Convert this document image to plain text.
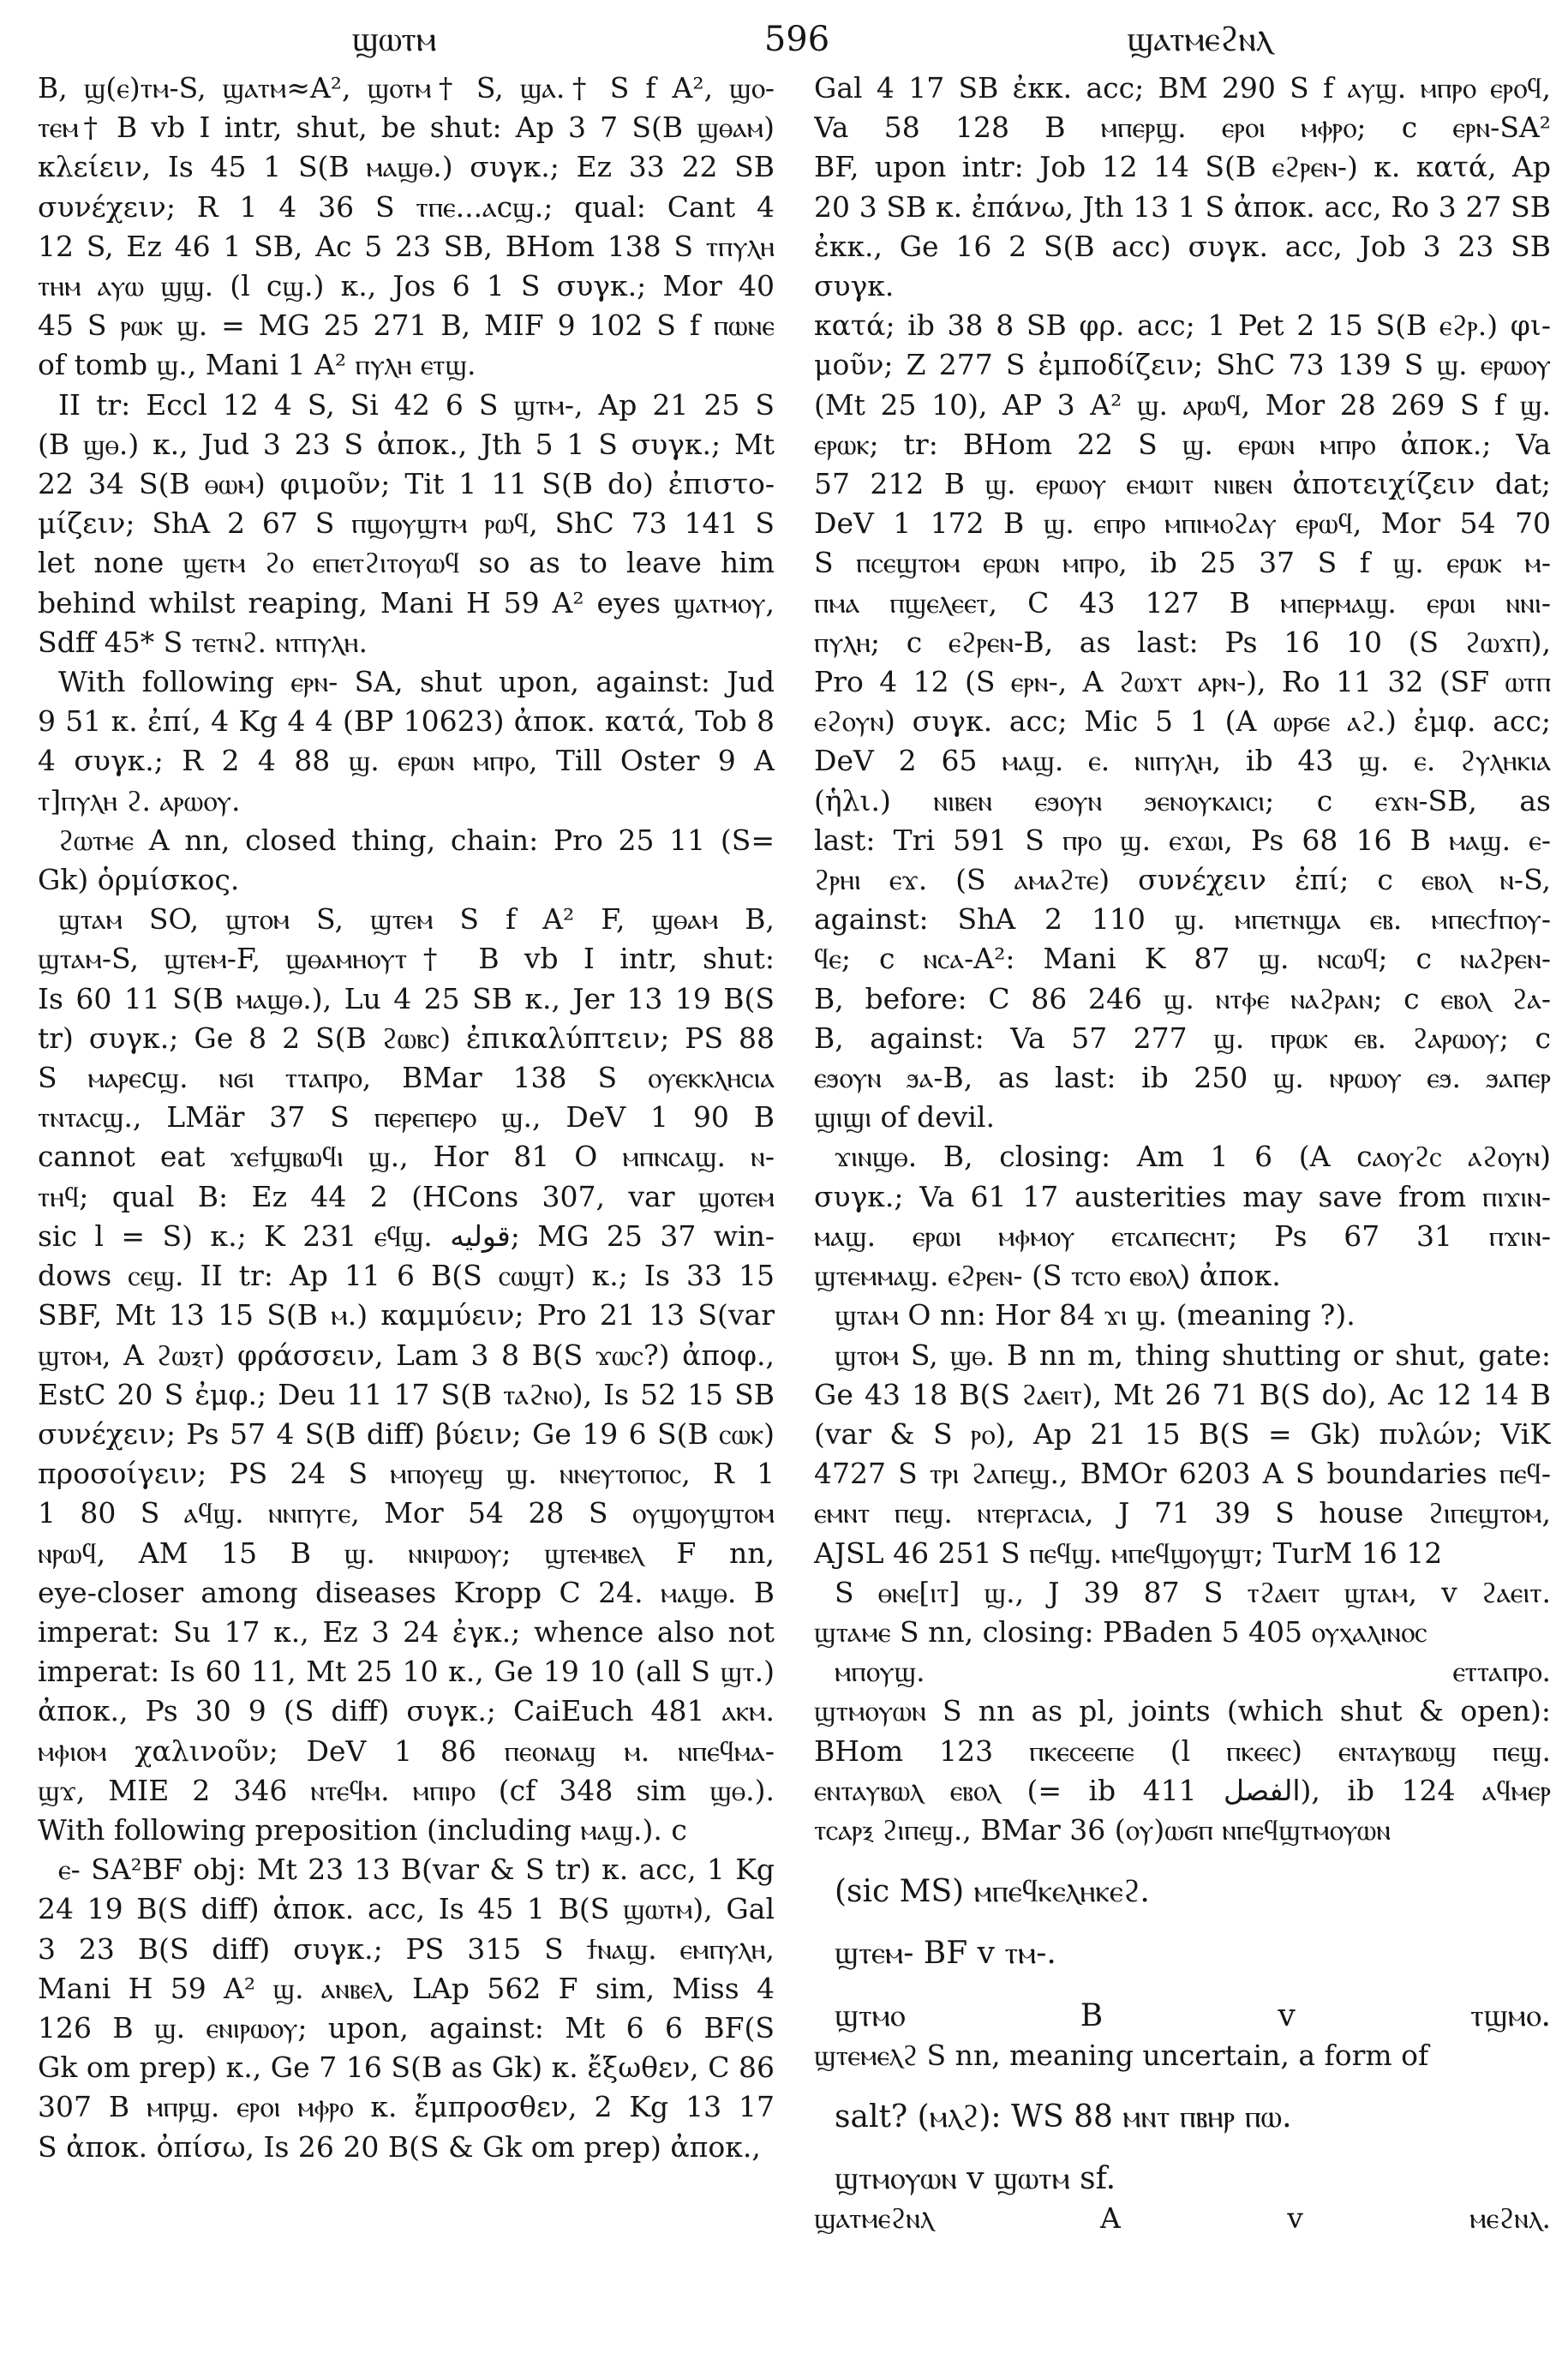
ϣⲱⲧⲙ	596	ϣⲁⲧⲙⲉϩⲛⲗ
B, ϣ(ⲉ)ⲧⲙ-S, ϣⲁⲧⲙ≈A², ϣⲟⲧⲙ† S, ϣⲁ.† S f A², ϣⲟ-
ⲧⲉⲙ† B vb I intr, shut, be shut: Ap 3 7 S(B ϣⲑⲁⲙ)
κλείειν, Is 45 1 S(B ⲙⲁϣⲑ.) συγκ.; Ez 33 22 SB
συνέχειν; R 1 4 36 S ⲧⲡⲉ...ⲁϲϣ.; qual: Cant 4
12 S, Ez 46 1 SB, Ac 5 23 SB, BHom 138 S ⲧⲡⲩⲗⲏ
ⲧⲏⲙ ⲁⲩⲱ ϣϣ. (l ϲϣ.) κ., Jos 6 1 S συγκ.; Mor 40
45 S ⲣⲱⲕ ϣ. = MG 25 271 B, MIF 9 102 S f ⲡⲱⲛⲉ
of tomb ϣ., Mani 1 A² ⲡⲩⲗⲏ ⲉⲧϣ.
II tr: Eccl 12 4 S, Si 42 6 S ϣⲧⲙ-, Ap 21 25 S
(B ϣⲑ.) κ., Jud 3 23 S ἀποκ., Jth 5 1 S συγκ.; Mt
22 34 S(B ⲑⲱⲙ) φιμοῦν; Tit 1 11 S(B do) ἐπιστο-
μίζειν; ShA 2 67 S ⲡϣⲟⲩϣⲧⲙ ⲣⲱϥ, ShC 73 141 S
let none ϣⲉⲧⲙ ϩⲟ ⲉⲡⲉⲧϩⲓⲧⲟⲩⲱϥ so as to leave him
behind whilst reaping, Mani H 59 A² eyes ϣⲁⲧⲙⲟⲩ,
Sdff 45* S ⲧⲉⲧⲛϩ. ⲛⲧⲡⲩⲗⲏ.
With following ⲉⲣⲛ- SA, shut upon, against: Jud
9 51 κ. ἐπί, 4 Kg 4 4 (BP 10623) ἀποκ. κατά, Tob 8
4 συγκ.; R 2 4 88 ϣ. ⲉⲣⲱⲛ ⲙⲡⲣⲟ, Till Oster 9 A
ⲧ]ⲡⲩⲗⲏ ϩ. ⲁⲣⲱⲟⲩ.
ϩⲱⲧⲙⲉ A nn, closed thing, chain: Pro 25 11 (S=
Gk) ὁρμίσκος.
ϣⲧⲁⲙ SO, ϣⲧⲟⲙ S, ϣⲧⲉⲙ S f A² F, ϣⲑⲁⲙ B,
ϣⲧⲁⲙ-S, ϣⲧⲉⲙ-F, ϣⲑⲁⲙⲏⲟⲩⲧ† B vb I intr, shut:
Is 60 11 S(B ⲙⲁϣⲑ.), Lu 4 25 SB κ., Jer 13 19 B(S
tr) συγκ.; Ge 8 2 S(B ϩⲱⲃⲥ) ἐπικαλύπτειν; PS 88
S ⲙⲁⲣⲉϲϣ. ⲛϭⲓ ⲧⲧⲁⲡⲣⲟ, BMar 138 S ⲟⲩⲉⲕⲕⲗⲏⲥⲓⲁ
ⲧⲛⲧⲁⲥϣ., LMär 37 S ⲡⲉⲣⲉⲡⲉⲣⲟ ϣ., DeV 1 90 B
cannot eat ϫⲉϯϣⲃⲱϥⲓ ϣ., Hor 81 O ⲙⲡⲛⲥⲁϣ. ⲛ-
ⲧⲏϥ; qual B: Ez 44 2 (HCons 307, var ϣⲟⲧⲉⲙ
sic l = S) κ.; K 231 ⲉϥϣ. قوليه; MG 25 37 win-
dows ⲥⲉϣ. II tr: Ap 11 6 B(S ⲥⲱϣⲧ) κ.; Is 33 15
SBF, Mt 13 15 S(B ⲙ.) καμμύειν; Pro 21 13 S(var
ϣⲧⲟⲙ, A ϩⲱⲝⲧ) φράσσειν, Lam 3 8 B(S ϫⲱⲥ?) ἀποφ.,
EstC 20 S ἐμφ.; Deu 11 17 S(B ⲧⲁϩⲛⲟ), Is 52 15 SB
συνέχειν; Ps 57 4 S(B diff) βύειν; Ge 19 6 S(B ⲥⲱⲕ)
προσοίγειν; PS 24 S ⲙⲡⲟⲩⲉϣ ϣ. ⲛⲛⲉⲩⲧⲟⲡⲟⲥ, R 1
1 80 S ⲁϥϣ. ⲛⲛⲡⲩⲅⲉ, Mor 54 28 S ⲟⲩϣⲟⲩϣⲧⲟⲙ
ⲛⲣⲱϥ, AM 15 B ϣ. ⲛⲛⲓⲣⲱⲟⲩ; ϣⲧⲉⲙⲃⲉⲗ F nn,
eye-closer among diseases Kropp C 24. ⲙⲁϣⲑ. B
imperat: Su 17 κ., Ez 3 24 ἐγκ.; whence also not
imperat: Is 60 11, Mt 25 10 κ., Ge 19 10 (all S ϣⲧ.)
ἀποκ., Ps 30 9 (S diff) συγκ.; CaiEuch 481 ⲁⲕⲙ.
ⲙⲫⲓⲟⲙ χαλινοῦν; DeV 1 86 ⲡⲉⲟⲛⲁϣ ⲙ. ⲛⲡⲉϥⲙⲁ-
ϣϫ, MIE 2 346 ⲛⲧⲉϥⲙ. ⲙⲡⲓⲣⲟ (cf 348 sim ϣⲑ.).
With following preposition (including ⲙⲁϣ.). c
ⲉ- SA²BF obj: Mt 23 13 B(var & S tr) κ. acc, 1 Kg
24 19 B(S diff) ἀποκ. acc, Is 45 1 B(S ϣⲱⲧⲙ), Gal
3 23 B(S diff) συγκ.; PS 315 S ϯⲛⲁϣ. ⲉⲙⲡⲩⲗⲏ,
Mani H 59 A² ϣ. ⲁⲛⲃⲉⲗ, LAp 562 F sim, Miss 4
126 B ϣ. ⲉⲛⲓⲣⲱⲟⲩ; upon, against: Mt 6 6 BF(S
Gk om prep) κ., Ge 7 16 S(B as Gk) κ. ἔξωθεν, C 86
307 B ⲙⲡⲣϣ. ⲉⲣⲟⲓ ⲙⲫⲣⲟ κ. ἔμπροσθεν, 2 Kg 13 17
S ἀποκ. ὀπίσω, Is 26 20 B(S & Gk om prep) ἀποκ.,
Gal 4 17 SB ἐκκ. acc; BM 290 S f ⲁⲩϣ. ⲙⲡⲣⲟ ⲉⲣⲟϥ,
Va 58 128 B ⲙⲡⲉⲣϣ. ⲉⲣⲟⲓ ⲙⲫⲣⲟ; c ⲉⲣⲛ-SA²
BF, upon intr: Job 12 14 S(B ⲉϩⲣⲉⲛ-) κ. κατά, Ap
20 3 SB κ. ἐπάνω, Jth 13 1 S ἀποκ. acc, Ro 3 27 SB
ἐκκ., Ge 16 2 S(B acc) συγκ. acc, Job 3 23 SB συγκ.
κατά; ib 38 8 SB φρ. acc; 1 Pet 2 15 S(B ⲉϩⲣ.) φι-
μοῦν; Z 277 S ἐμποδίζειν; ShC 73 139 S ϣ. ⲉⲣⲱⲟⲩ
(Mt 25 10), AP 3 A² ϣ. ⲁⲣⲱϥ, Mor 28 269 S f ϣ.
ⲉⲣⲱⲕ; tr: BHom 22 S ϣ. ⲉⲣⲱⲛ ⲙⲡⲣⲟ ἀποκ.; Va
57 212 B ϣ. ⲉⲣⲱⲟⲩ ⲉⲙⲱⲓⲧ ⲛⲓⲃⲉⲛ ἀποτειχίζειν dat;
DeV 1 172 B ϣ. ⲉⲡⲣⲟ ⲙⲡⲓⲙⲟϩⲁⲩ ⲉⲣⲱϥ, Mor 54 70
S ⲡⲥⲉϣⲧⲟⲙ ⲉⲣⲱⲛ ⲙⲡⲣⲟ, ib 25 37 S f ϣ. ⲉⲣⲱⲕ ⲙ-
ⲡⲙⲁ ⲡϣⲉⲗⲉⲉⲧ, C 43 127 B ⲙⲡⲉⲣⲙⲁϣ. ⲉⲣⲱⲓ ⲛⲛⲓ-
ⲡⲩⲗⲏ; c ⲉϩⲣⲉⲛ-B, as last: Ps 16 10 (S ϩⲱϫⲡ),
Pro 4 12 (S ⲉⲣⲛ-, A ϩⲱϫⲧ ⲁⲣⲛ-), Ro 11 32 (SF ⲱⲧⲡ
ⲉϩⲟⲩⲛ) συγκ. acc; Mic 5 1 (A ⲱⲣϭⲉ ⲁϩ.) ἐμφ. acc;
DeV 2 65 ⲙⲁϣ. ⲉ. ⲛⲓⲡⲩⲗⲏ, ib 43 ϣ. ⲉ. ϩⲩⲗⲏⲕⲓⲁ
(ἡλι.) ⲛⲓⲃⲉⲛ ⲉϧⲟⲩⲛ ϧⲉⲛⲟⲩⲕⲁⲓⲥⲓ; c ⲉϫⲛ-SB, as
last: Tri 591 S ⲡⲣⲟ ϣ. ⲉϫⲱⲓ, Ps 68 16 B ⲙⲁϣ. ⲉ-
ϩⲣⲏⲓ ⲉϫ. (S ⲁⲙⲁϩⲧⲉ) συνέχειν ἐπί; c ⲉⲃⲟⲗ ⲛ-S,
against: ShA 2 110 ϣ. ⲙⲡⲉⲧⲛϣⲁ ⲉⲃ. ⲙⲡⲉⲥϯⲡⲟⲩ-
ϥⲉ; c ⲛⲥⲁ-A²: Mani K 87 ϣ. ⲛⲥⲱϥ; c ⲛⲁϩⲣⲉⲛ-
B, before: C 86 246 ϣ. ⲛⲧⲫⲉ ⲛⲁϩⲣⲁⲛ; c ⲉⲃⲟⲗ ϩⲁ-
B, against: Va 57 277 ϣ. ⲡⲣⲱⲕ ⲉⲃ. ϩⲁⲣⲱⲟⲩ; c
ⲉϧⲟⲩⲛ ϧⲁ-B, as last: ib 250 ϣ. ⲛⲣⲱⲟⲩ ⲉϧ. ϧⲁⲡⲉⲣ
ϣⲓϣⲓ of devil.
ϫⲓⲛϣⲑ. B, closing: Am 1 6 (A ϲⲁⲟⲩϩⲥ ⲁϩⲟⲩⲛ)
συγκ.; Va 61 17 austerities may save from ⲡⲓϫⲓⲛ-
ⲙⲁϣ. ⲉⲣⲱⲓ ⲙⲫⲙⲟⲩ ⲉⲧⲥⲁⲡⲉⲥⲏⲧ; Ps 67 31 ⲡϫⲓⲛ-
ϣⲧⲉⲙⲙⲁϣ. ⲉϩⲣⲉⲛ- (S ⲧⲥⲧⲟ ⲉⲃⲟⲗ) ἀποκ.
ϣⲧⲁⲙ O nn: Hor 84 ϫⲓ ϣ. (meaning ?).
ϣⲧⲟⲙ S, ϣⲑ. B nn m, thing shutting or shut, gate:
Ge 43 18 B(S ϩⲁⲉⲓⲧ), Mt 26 71 B(S do), Ac 12 14 B
(var & S ⲣⲟ), Ap 21 15 B(S = Gk) πυλών; ViK
4727 S ⲧⲣⲓ ϩⲁⲡⲉϣ., BMOr 6203 A S boundaries ⲡⲉϥ-
ⲉⲙⲛⲧ ⲡⲉϣ. ⲛⲧⲉⲣⲅⲁⲥⲓⲁ, J 71 39 S house ϩⲓⲡⲉϣⲧⲟⲙ,
AJSL 46 251 S ⲡⲉϥϣ. ⲙⲡⲉϥϣⲟⲩϣⲧ; TurM 16 12
S ⲑⲛⲉ[ⲓⲧ] ϣ., J 39 87 S ⲧϩⲁⲉⲓⲧ ϣⲧⲁⲙ, v ϩⲁⲉⲓⲧ.
ϣⲧⲁⲙⲉ S nn, closing: PBaden 5 405 ⲟⲩⲭⲁⲗⲓⲛⲟⲥ
ⲙⲡⲟⲩϣ. ⲉⲧⲧⲁⲡⲣⲟ.
ϣⲧⲙⲟⲩⲱⲛ S nn as pl, joints (which shut & open):
BHom 123 ⲡⲕⲉⲥⲉⲉⲡⲉ (l ⲡⲕⲉⲉⲥ) ⲉⲛⲧⲁⲩⲃⲱϣ ⲡⲉϣ.
ⲉⲛⲧⲁⲩⲃⲱⲗ ⲉⲃⲟⲗ (= ib 411 الفصل), ib 124 ⲁϥⲙⲉⲣ
ⲧⲥⲁⲣⲝ ϩⲓⲡⲉϣ., BMar 36 (ⲟⲩ)ⲱϭⲡ ⲛⲡⲉϥϣⲧⲙⲟⲩⲱⲛ
(sic MS) ⲙⲡⲉϥⲕⲉⲗⲏⲕⲉϩ.
ϣⲧⲉⲙ- BF v ⲧⲙ-.
ϣⲧⲙⲟ B v ⲧϣⲙⲟ.
ϣⲧⲉⲙⲉⲗϩ S nn, meaning uncertain, a form of
salt? (ⲙⲗϩ): WS 88 ⲙⲛⲧ ⲡⲃⲏⲣ ⲡⲱ.
ϣⲧⲙⲟⲩⲱⲛ v ϣⲱⲧⲙ sf.
ϣⲁⲧⲙⲉϩⲛⲗ A v ⲙⲉϩⲛⲗ.
